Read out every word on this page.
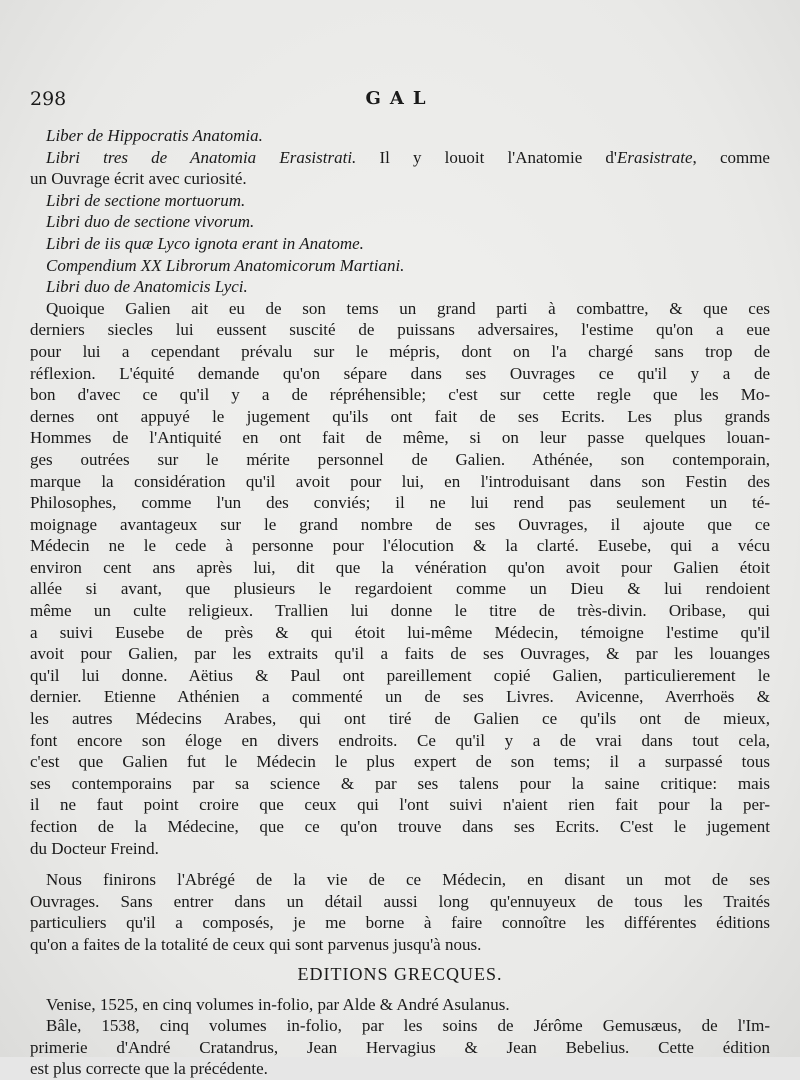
298	GAL
Liber de Hippocratis Anatomia.
Libri tres de Anatomia Erasistrati. Il y louoit l'Anatomie d'Erasistrate, comme
un Ouvrage écrit avec curiosité.
Libri de sectione mortuorum.
Libri duo de sectione vivorum.
Libri de iis quæ Lyco ignota erant in Anatome.
Compendium XX Librorum Anatomicorum Martiani.
Libri duo de Anatomicis Lyci.
Quoique Galien ait eu de son tems un grand parti à combattre, & que ces
derniers siecles lui eussent suscité de puissans adversaires, l'estime qu'on a eue
pour lui a cependant prévalu sur le mépris, dont on l'a chargé sans trop de
réflexion. L'équité demande qu'on sépare dans ses Ouvrages ce qu'il y a de
bon d'avec ce qu'il y a de répréhensible; c'est sur cette regle que les Mo-
dernes ont appuyé le jugement qu'ils ont fait de ses Ecrits. Les plus grands
Hommes de l'Antiquité en ont fait de même, si on leur passe quelques louan-
ges outrées sur le mérite personnel de Galien. Athénée, son contemporain,
marque la considération qu'il avoit pour lui, en l'introduisant dans son Festin des
Philosophes, comme l'un des conviés; il ne lui rend pas seulement un té-
moignage avantageux sur le grand nombre de ses Ouvrages, il ajoute que ce
Médecin ne le cede à personne pour l'élocution & la clarté. Eusebe, qui a vécu
environ cent ans après lui, dit que la vénération qu'on avoit pour Galien étoit
allée si avant, que plusieurs le regardoient comme un Dieu & lui rendoient
même un culte religieux. Trallien lui donne le titre de très-divin. Oribase, qui
a suivi Eusebe de près & qui étoit lui-même Médecin, témoigne l'estime qu'il
avoit pour Galien, par les extraits qu'il a faits de ses Ouvrages, & par les louanges
qu'il lui donne. Aëtius & Paul ont pareillement copié Galien, particulierement le
dernier. Etienne Athénien a commenté un de ses Livres. Avicenne, Averrhoës &
les autres Médecins Arabes, qui ont tiré de Galien ce qu'ils ont de mieux,
font encore son éloge en divers endroits. Ce qu'il y a de vrai dans tout cela,
c'est que Galien fut le Médecin le plus expert de son tems; il a surpassé tous
ses contemporains par sa science & par ses talens pour la saine critique: mais
il ne faut point croire que ceux qui l'ont suivi n'aient rien fait pour la per-
fection de la Médecine, que ce qu'on trouve dans ses Ecrits. C'est le jugement
du Docteur Freind.
Nous finirons l'Abrégé de la vie de ce Médecin, en disant un mot de ses
Ouvrages. Sans entrer dans un détail aussi long qu'ennuyeux de tous les Traités
particuliers qu'il a composés, je me borne à faire connoître les différentes éditions
qu'on a faites de la totalité de ceux qui sont parvenus jusqu'à nous.
EDITIONS GRECQUES.
Venise, 1525, en cinq volumes in-folio, par Alde & André Asulanus.
Bâle, 1538, cinq volumes in-folio, par les soins de Jérôme Gemusæus, de l'Im-
primerie d'André Cratandrus, Jean Hervagius & Jean Bebelius. Cette édition
est plus correcte que la précédente.
